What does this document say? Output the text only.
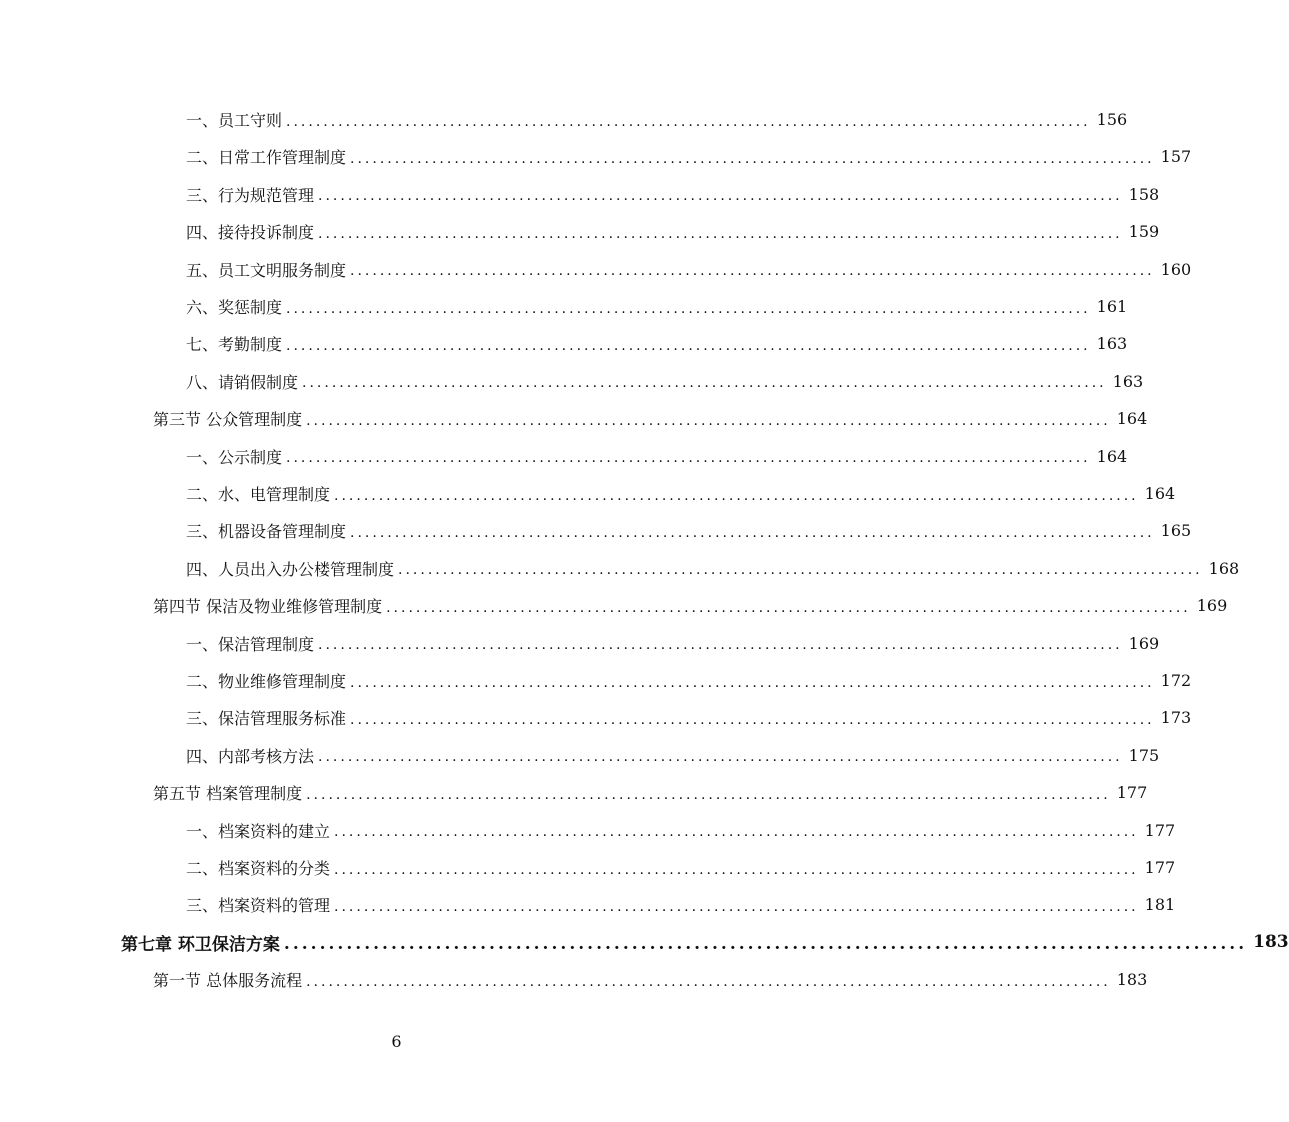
一、员工守则 ............................................................................................................ 156
二、日常工作管理制度 ............................................................................................................ 157
三、行为规范管理 ............................................................................................................ 158
四、接待投诉制度 ............................................................................................................ 159
五、员工文明服务制度 ............................................................................................................ 160
六、奖惩制度 ............................................................................................................ 161
七、考勤制度 ............................................................................................................ 163
八、请销假制度 ............................................................................................................ 163
第三节 公众管理制度 ............................................................................................................ 164
一、公示制度 ............................................................................................................ 164
二、水、电管理制度 ............................................................................................................ 164
三、机器设备管理制度 ............................................................................................................ 165
四、人员出入办公楼管理制度 ............................................................................................................ 168
第四节 保洁及物业维修管理制度 ............................................................................................................ 169
一、保洁管理制度 ............................................................................................................ 169
二、物业维修管理制度 ............................................................................................................ 172
三、保洁管理服务标准 ............................................................................................................ 173
四、内部考核方法 ............................................................................................................ 175
第五节 档案管理制度 ............................................................................................................ 177
一、档案资料的建立 ............................................................................................................ 177
二、档案资料的分类 ............................................................................................................ 177
三、档案资料的管理 ............................................................................................................ 181
第七章 环卫保洁方案 ............................................................................................................ 183
第一节 总体服务流程 ............................................................................................................ 183
6
